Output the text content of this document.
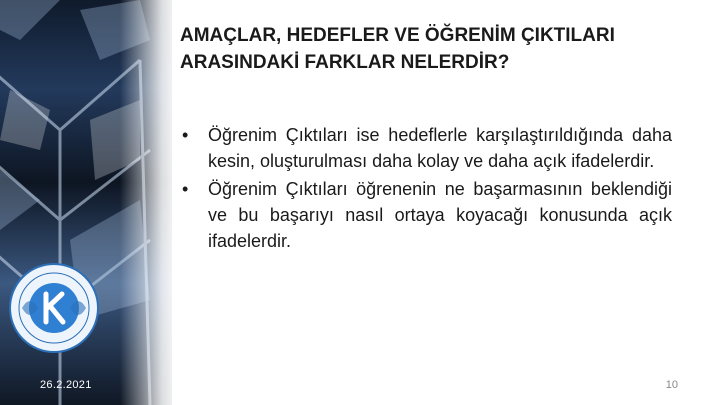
26.2.2021
AMAÇLAR, HEDEFLER VE ÖĞRENİM ÇIKTILARI
ARASINDAKİ FARKLAR NELERDİR?
• Öğrenim Çıktıları ise hedeflerle karşılaştırıldığında daha kesin, oluşturulması daha kolay ve daha açık ifadelerdir.
• Öğrenim Çıktıları öğrenenin ne başarmasının beklendiği ve bu başarıyı nasıl ortaya koyacağı konusunda açık ifadelerdir.
10
